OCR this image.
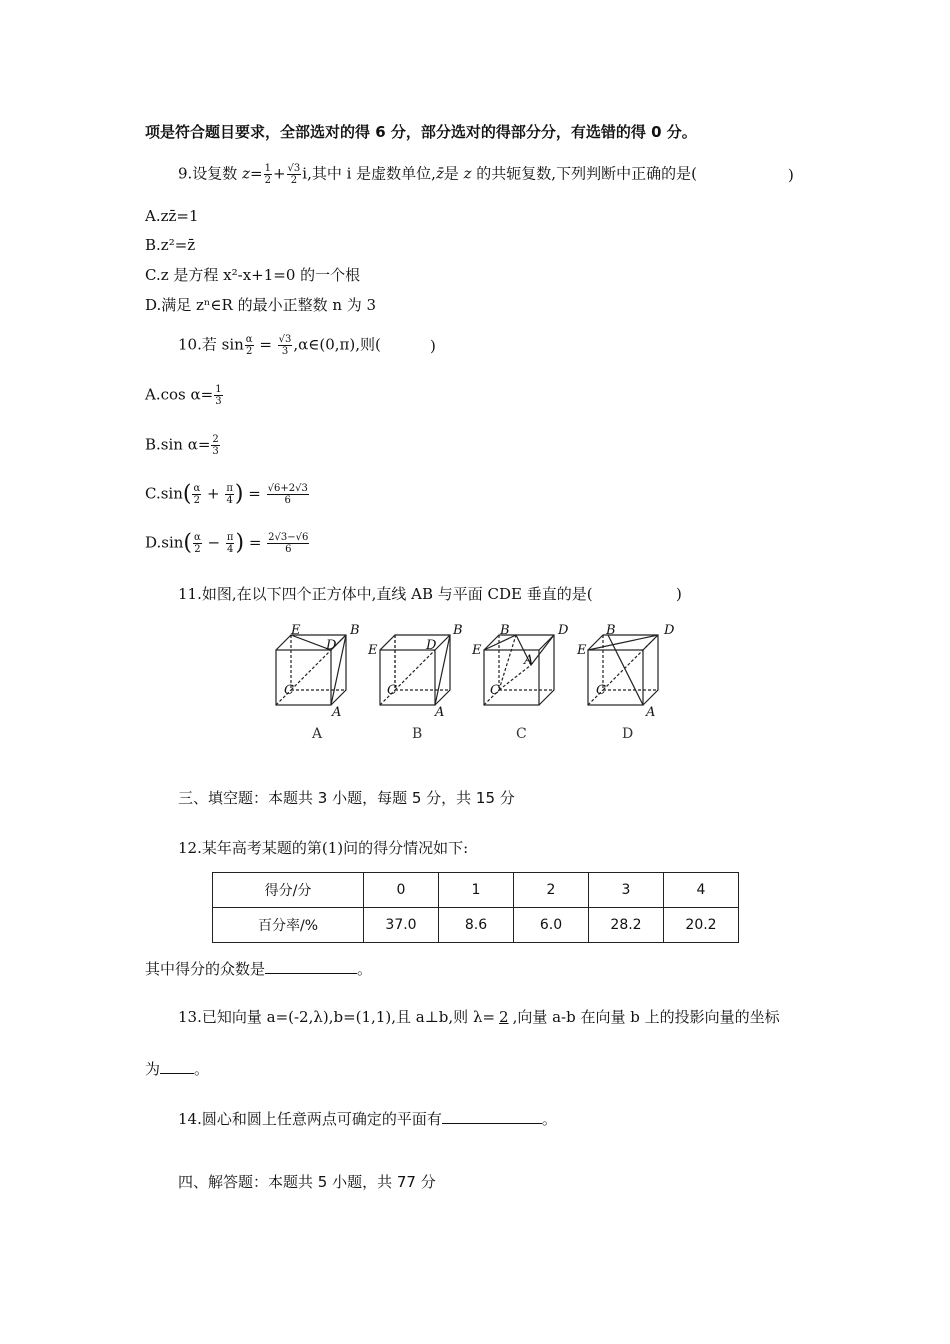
项是符合题目要求，全部选对的得 6 分，部分选对的得部分分，有选错的得 0 分。
9.设复数 $z= \frac{1}{2} + \frac{√3}{2} i$,其中 i 是虚数单位,z̄是 z 的共轭复数,下列判断中正确的是(	)
A.zz̄=1
B.z²=z̄
C.z 是方程 x²-x+1=0 的一个根
D.满足 zⁿ∈R 的最小正整数 n 为 3
10.若 $\sin \frac{\alpha}{2} = \frac{√3}{3}$ ,α∈(0,π),则(	)
A.cos $\alpha= \frac{1}{3}$
B.sin $\alpha= \frac{2}{3}$
$C.\sin( \frac{\alpha}{2} + \frac{\pi}{4}$ ) = $\frac{√6+2√3}{6}$
$D.\sin( \frac{\alpha}{2} - \frac{\pi}{4}$ ) = $\frac{2√3-√6}{6}$
11.如图,在以下四个正方体中,直线 AB 与平面 CDE 垂直的是(	)
E
D
B
C
A
E	D
B
C
A
E
B	D
A
C
E
B	D
C
A
A	B	C	D
三、填空题：本题共 3 小题，每题 5 分，共 15 分
12.某年高考某题的第(1)问的得分情况如下:
得分/分	0	1	2	3	4
百分率/%	37.0	8.6	6.0	28.2	20.2
其中得分的众数是	。
13.已知向量 a=(-2,λ),b=(1,1),且 a⊥b,则 λ= 2 ,向量 a-b 在向量 b 上的投影向量的坐标
为 。
14.圆心和圆上任意两点可确定的平面有	。
四、解答题：本题共 5 小题，共 77 分
